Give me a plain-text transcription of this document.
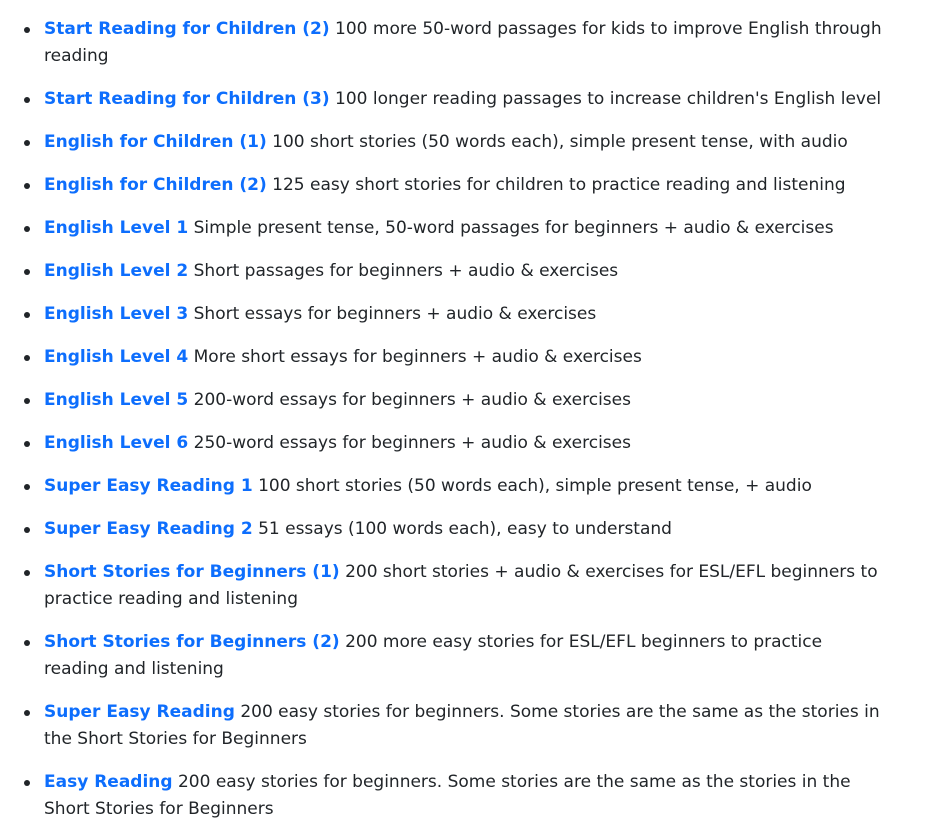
Start Reading for Children (2) 100 more 50-word passages for kids to improve English through reading
Start Reading for Children (3) 100 longer reading passages to increase children's English level
English for Children (1) 100 short stories (50 words each), simple present tense, with audio
English for Children (2) 125 easy short stories for children to practice reading and listening
English Level 1 Simple present tense, 50-word passages for beginners + audio & exercises
English Level 2 Short passages for beginners + audio & exercises
English Level 3 Short essays for beginners + audio & exercises
English Level 4 More short essays for beginners + audio & exercises
English Level 5 200-word essays for beginners + audio & exercises
English Level 6 250-word essays for beginners + audio & exercises
Super Easy Reading 1 100 short stories (50 words each), simple present tense, + audio
Super Easy Reading 2 51 essays (100 words each), easy to understand
Short Stories for Beginners (1) 200 short stories + audio & exercises for ESL/EFL beginners to practice reading and listening
Short Stories for Beginners (2) 200 more easy stories for ESL/EFL beginners to practice reading and listening
Super Easy Reading 200 easy stories for beginners. Some stories are the same as the stories in the Short Stories for Beginners
Easy Reading 200 easy stories for beginners. Some stories are the same as the stories in the Short Stories for Beginners
